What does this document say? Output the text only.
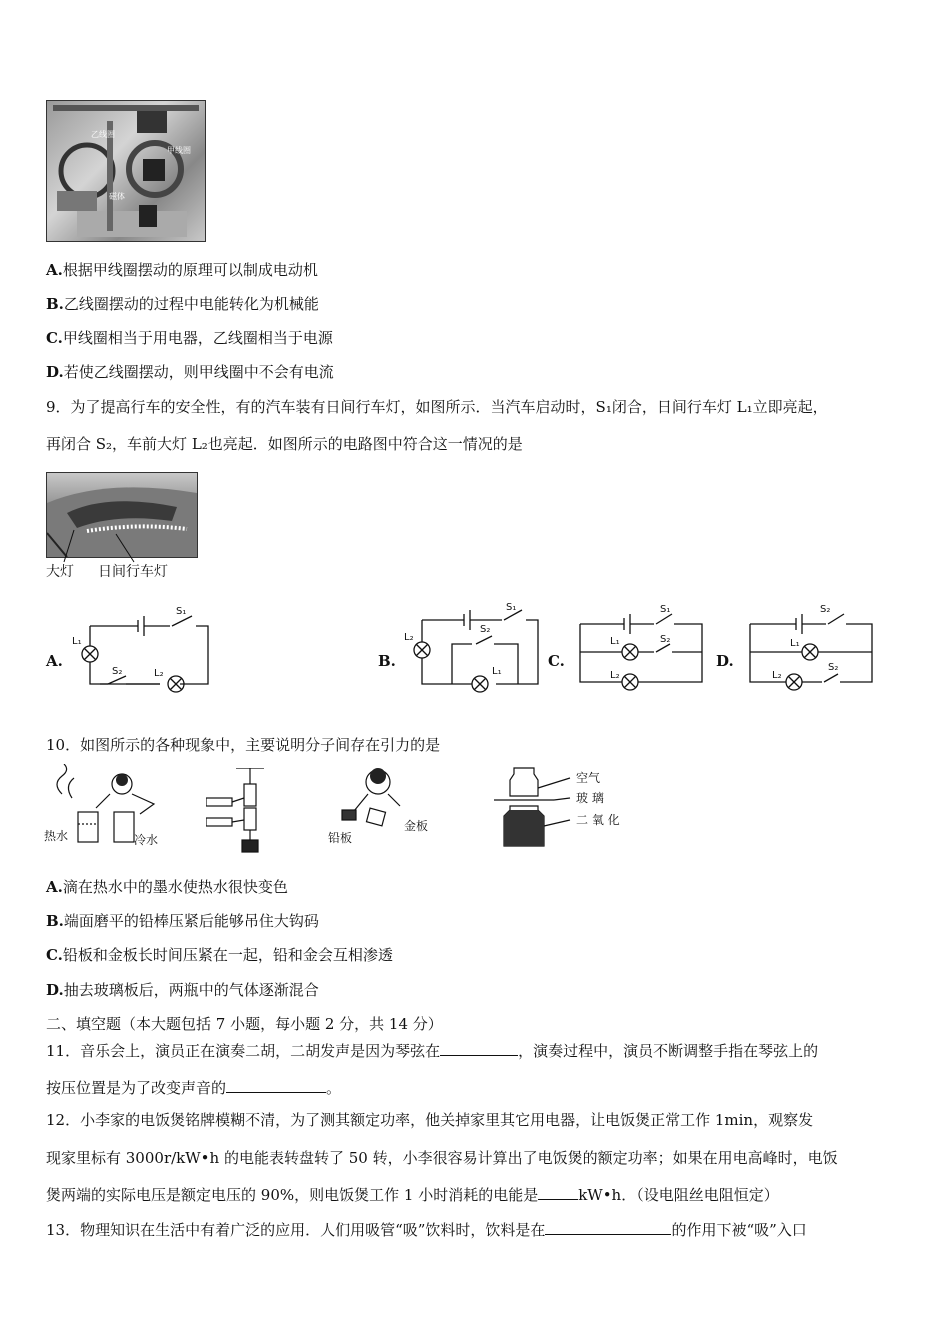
乙线圈
甲线圈
磁体
A.根据甲线圈摆动的原理可以制成电动机
B.乙线圈摆动的过程中电能转化为机械能
C.甲线圈相当于用电器，乙线圈相当于电源
D.若使乙线圈摆动，则甲线圈中不会有电流
9．为了提高行车的安全性，有的汽车装有日间行车灯，如图所示．当汽车启动时，S₁闭合，日间行车灯 L₁立即亮起，
再闭合 S₂，车前大灯 L₂也亮起．如图所示的电路图中符合这一情况的是
大灯 日间行车灯
A.
S₁
L₁
S₂	L₂
B.
S₁
L₂
S₂
L₁
C.
S₁
L₁	S₂
L₂
D.
S₂
L₁
S₂
L₂
10．如图所示的各种现象中，主要说明分子间存在引力的是
热水	冷水	铅板
金板
空气
玻 璃
二 氧 化
A.滴在热水中的墨水使热水很快变色
B.端面磨平的铅棒压紧后能够吊住大钩码
C.铅板和金板长时间压紧在一起，铅和金会互相渗透
D.抽去玻璃板后，两瓶中的气体逐渐混合
二、填空题（本大题包括 7 小题，每小题 2 分，共 14 分）
11．音乐会上，演员正在演奏二胡，二胡发声是因为琴弦在	，演奏过程中，演员不断调整手指在琴弦上的
按压位置是为了改变声音的	。
12．小李家的电饭煲铭牌模糊不清，为了测其额定功率，他关掉家里其它用电器，让电饭煲正常工作 1min，观察发
现家里标有 3000r/kW•h 的电能表转盘转了 50 转，小李很容易计算出了电饭煲的额定功率；如果在用电高峰时，电饭
煲两端的实际电压是额定电压的 90%，则电饭煲工作 1 小时消耗的电能是	kW•h．（设电阻丝电阻恒定）
13．物理知识在生活中有着广泛的应用．人们用吸管“吸”饮料时，饮料是在	的作用下被“吸”入口
